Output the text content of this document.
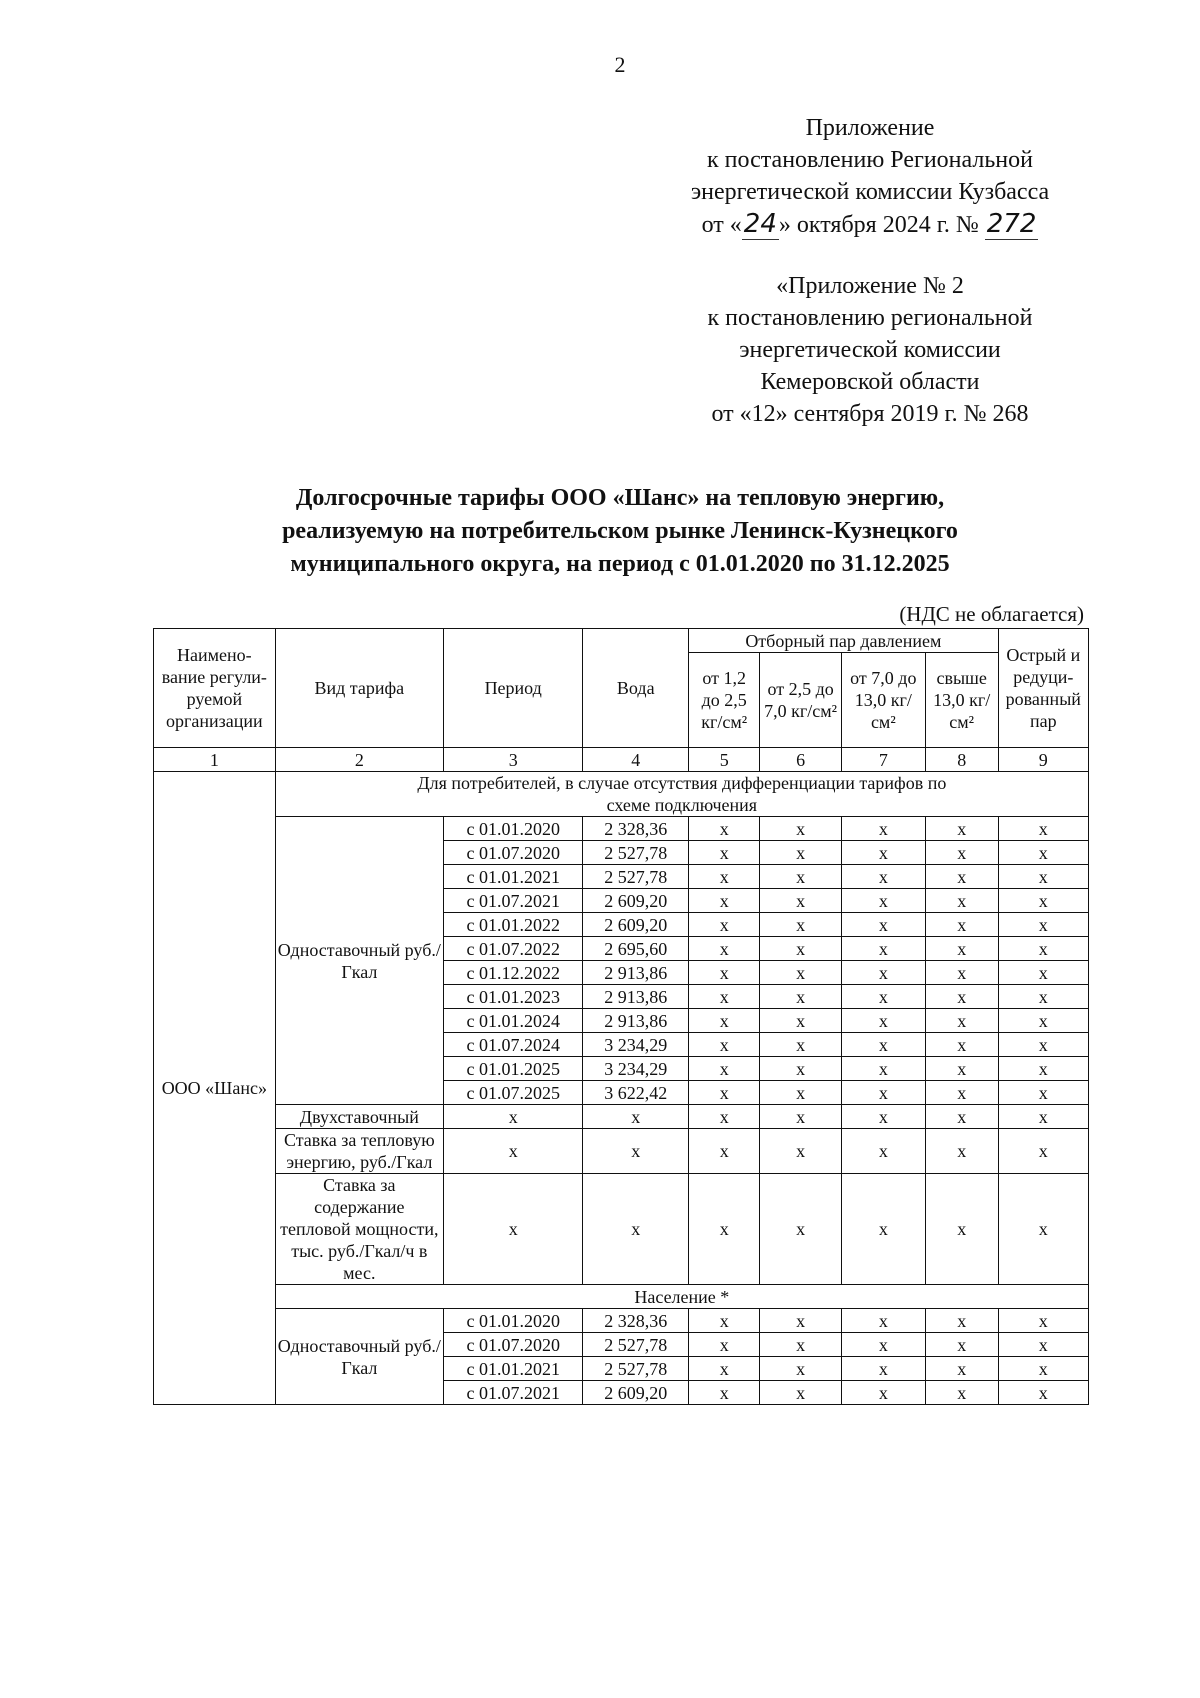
2
Приложение
к постановлению Региональной
энергетической комиссии Кузбасса
от «24» октября 2024 г. № 272
«Приложение № 2
к постановлению региональной
энергетической комиссии
Кемеровской области
от «12» сентября 2019 г. № 268
Долгосрочные тарифы ООО «Шанс» на тепловую энергию,
реализуемую на потребительском рынке Ленинск-Кузнецкого
муниципального округа, на период с 01.01.2020 по 31.12.2025
(НДС не облагается)
Наимено-вание регули-руемой организации	Вид тарифа	Период	Вода	Отборный пар давлением				Острый и редуци-рованный пар
				от 1,2 до 2,5 кг/см²	от 2,5 до 7,0 кг/см²	от 7,0 до 13,0 кг/см²	свыше 13,0 кг/см²	
1	2	3	4	5	6	7	8	9
ООО «Шанс»	Для потребителей, в случае отсутствия дифференциации тарифов по схеме подключения							
	Одноставочный руб./Гкал	с 01.01.2020	2 328,36	х	х	х	х	х
		с 01.07.2020	2 527,78	х	х	х	х	х
		с 01.01.2021	2 527,78	х	х	х	х	х
		с 01.07.2021	2 609,20	х	х	х	х	х
		с 01.01.2022	2 609,20	х	х	х	х	х
		с 01.07.2022	2 695,60	х	х	х	х	х
		с 01.12.2022	2 913,86	х	х	х	х	х
		с 01.01.2023	2 913,86	х	х	х	х	х
		с 01.01.2024	2 913,86	х	х	х	х	х
		с 01.07.2024	3 234,29	х	х	х	х	х
		с 01.01.2025	3 234,29	х	х	х	х	х
		с 01.07.2025	3 622,42	х	х	х	х	х
	Двухставочный	х	х	х	х	х	х	х
	Ставка за тепловую энергию, руб./Гкал	х	х	х	х	х	х	х
	Ставка за содержание тепловой мощности, тыс. руб./Гкал/ч в мес.	х	х	х	х	х	х	х
	Население *							
	Одноставочный руб./Гкал	с 01.01.2020	2 328,36	х	х	х	х	х
		с 01.07.2020	2 527,78	х	х	х	х	х
		с 01.01.2021	2 527,78	х	х	х	х	х
		с 01.07.2021	2 609,20	х	х	х	х	х
